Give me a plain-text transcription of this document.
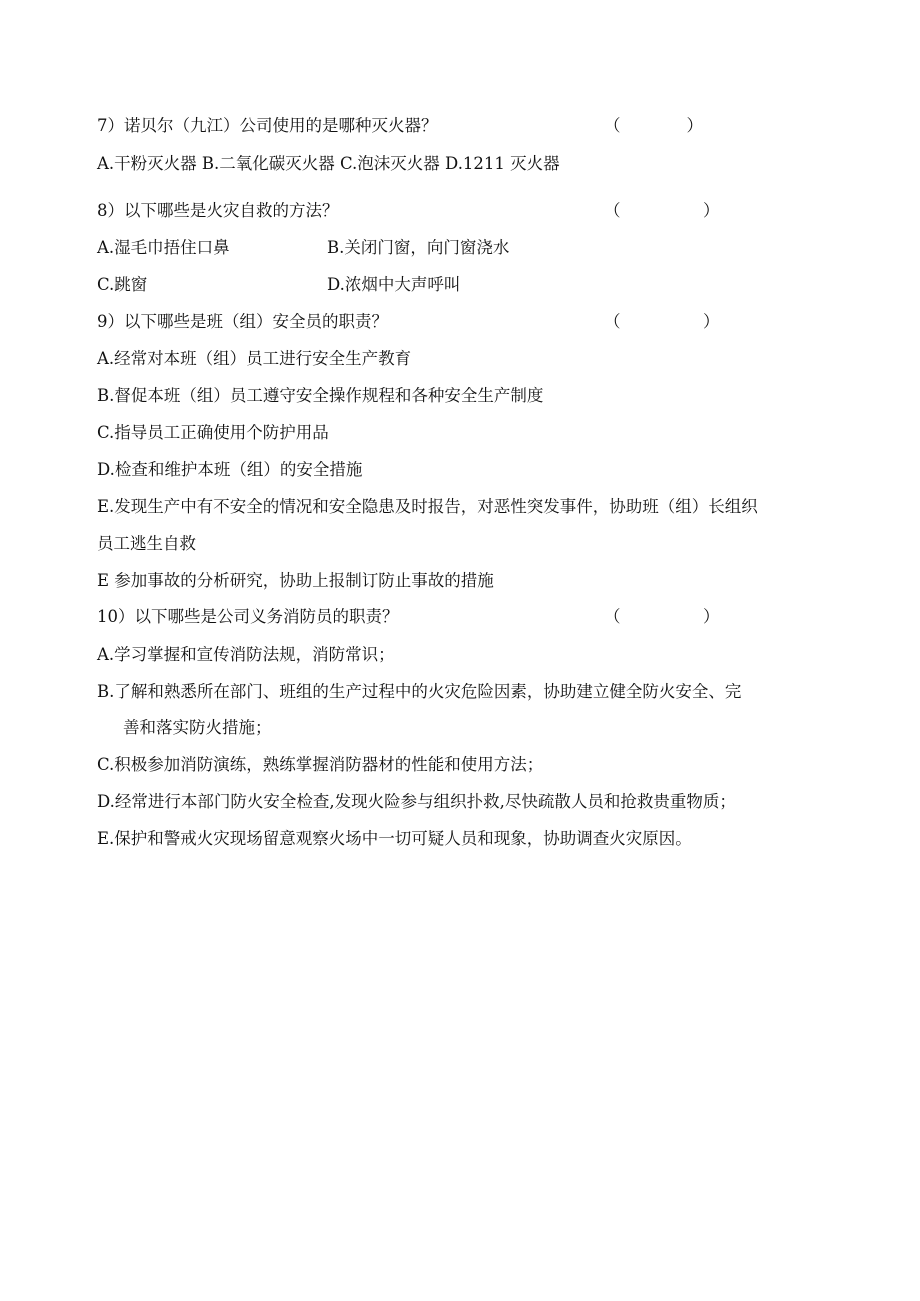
7）诺贝尔（九江）公司使用的是哪种灭火器？	（　　　　）
A.干粉灭火器 B.二氧化碳灭火器 C.泡沫灭火器 D.1211 灭火器
8）以下哪些是火灾自救的方法？	（　　　　　）
A.湿毛巾捂住口鼻	B.关闭门窗，向门窗浇水
C.跳窗	D.浓烟中大声呼叫
9）以下哪些是班（组）安全员的职责？	（　　　　　）
A.经常对本班（组）员工进行安全生产教育
B.督促本班（组）员工遵守安全操作规程和各种安全生产制度
C.指导员工正确使用个防护用品
D.检查和维护本班（组）的安全措施
E.发现生产中有不安全的情况和安全隐患及时报告，对恶性突发事件，协助班（组）长组织
员工逃生自救
E 参加事故的分析研究，协助上报制订防止事故的措施
10）以下哪些是公司义务消防员的职责？	（　　　　　）
A.学习掌握和宣传消防法规，消防常识；
B.了解和熟悉所在部门、班组的生产过程中的火灾危险因素，协助建立健全防火安全、完
善和落实防火措施；
C.积极参加消防演练，熟练掌握消防器材的性能和使用方法；
D.经常进行本部门防火安全检查,发现火险参与组织扑救,尽快疏散人员和抢救贵重物质；
E.保护和警戒火灾现场留意观察火场中一切可疑人员和现象，协助调查火灾原因。
